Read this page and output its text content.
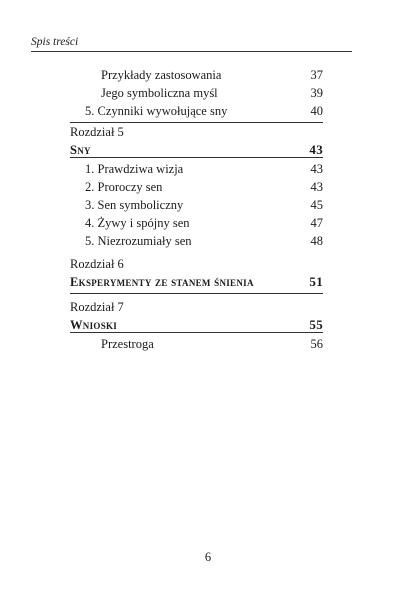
Spis treści
Przykłady zastosowania	37
Jego symboliczna myśl	39
5. Czynniki wywołujące sny	40
Rozdział 5
Sny	43
1. Prawdziwa wizja	43
2. Proroczy sen	43
3. Sen symboliczny	45
4. Żywy i spójny sen	47
5. Niezrozumiały sen	48
Rozdział 6
Eksperymenty ze stanem śnienia	51
Rozdział 7
Wnioski	55
Przestroga	56
6
